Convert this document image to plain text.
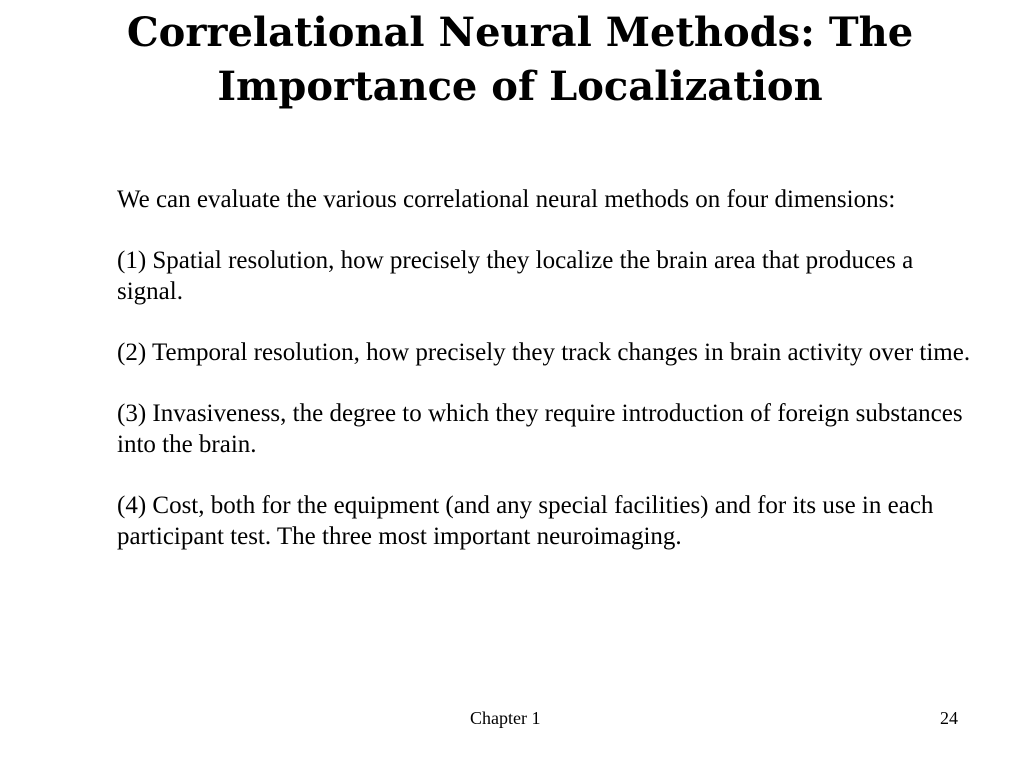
Correlational Neural Methods: The
Importance of Localization

We can evaluate the various correlational neural methods on four dimensions:

(1) Spatial resolution, how precisely they localize the brain area that produces a signal.

(2) Temporal resolution, how precisely they track changes in brain activity over time.

(3) Invasiveness, the degree to which they require introduction of foreign substances into the brain.

(4) Cost, both for the equipment (and any special facilities) and for its use in each participant test. The three most important neuroimaging.

Chapter 1	24
